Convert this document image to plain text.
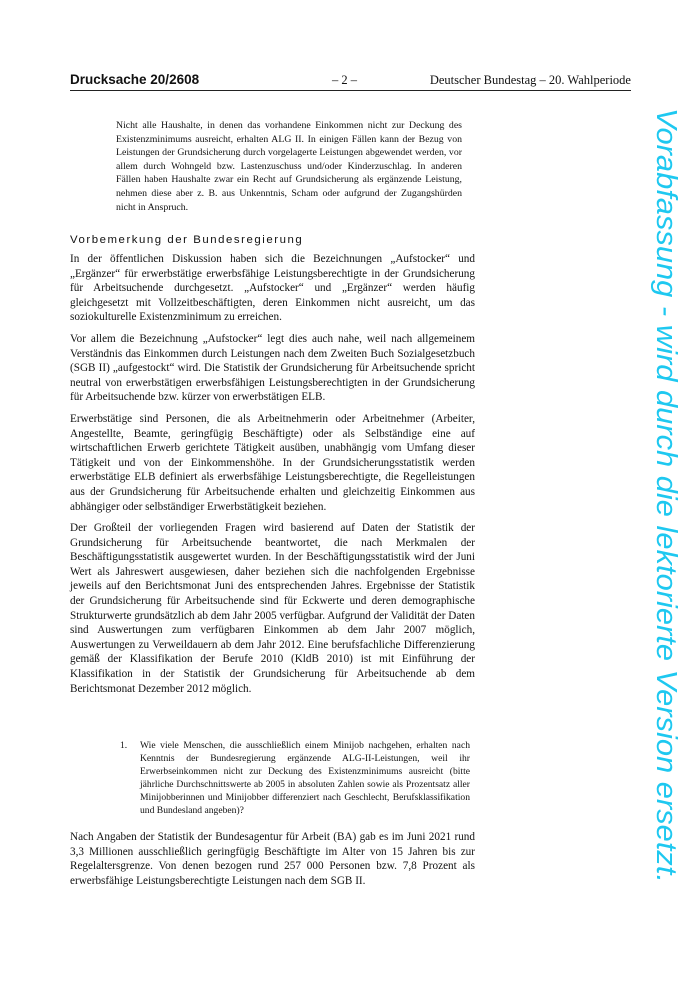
Drucksache 20/2608	– 2 –	Deutscher Bundestag – 20. Wahlperiode
Nicht alle Haushalte, in denen das vorhandene Einkommen nicht zur Deckung des Existenzminimums ausreicht, erhalten ALG II. In einigen Fällen kann der Bezug von Leistungen der Grundsicherung durch vorgelagerte Leistungen abgewendet werden, vor allem durch Wohngeld bzw. Lastenzuschuss und/oder Kinderzuschlag. In anderen Fällen haben Haushalte zwar ein Recht auf Grundsicherung als ergänzende Leistung, nehmen diese aber z. B. aus Unkenntnis, Scham oder aufgrund der Zugangshürden nicht in Anspruch.
Vorbemerkung der Bundesregierung

In der öffentlichen Diskussion haben sich die Bezeichnungen „Aufstocker“ und „Ergänzer“ für erwerbstätige erwerbsfähige Leistungsberechtigte in der Grundsicherung für Arbeitsuchende durchgesetzt. „Aufstocker“ und „Ergänzer“ werden häufig gleichgesetzt mit Vollzeitbeschäftigten, deren Einkommen nicht ausreicht, um das soziokulturelle Existenzminimum zu erreichen.

Vor allem die Bezeichnung „Aufstocker“ legt dies auch nahe, weil nach allgemeinem Verständnis das Einkommen durch Leistungen nach dem Zweiten Buch Sozialgesetzbuch (SGB II) „aufgestockt“ wird. Die Statistik der Grundsicherung für Arbeitsuchende spricht neutral von erwerbstätigen erwerbsfähigen Leistungsberechtigten in der Grundsicherung für Arbeitsuchende bzw. kürzer von erwerbstätigen ELB.

Erwerbstätige sind Personen, die als Arbeitnehmerin oder Arbeitnehmer (Arbeiter, Angestellte, Beamte, geringfügig Beschäftigte) oder als Selbständige eine auf wirtschaftlichen Erwerb gerichtete Tätigkeit ausüben, unabhängig vom Umfang dieser Tätigkeit und von der Einkommenshöhe. In der Grundsicherungsstatistik werden erwerbstätige ELB definiert als erwerbsfähige Leistungsberechtigte, die Regelleistungen aus der Grundsicherung für Arbeitsuchende erhalten und gleichzeitig Einkommen aus abhängiger oder selbständiger Erwerbstätigkeit beziehen.

Der Großteil der vorliegenden Fragen wird basierend auf Daten der Statistik der Grundsicherung für Arbeitsuchende beantwortet, die nach Merkmalen der Beschäftigungsstatistik ausgewertet wurden. In der Beschäftigungsstatistik wird der Juni Wert als Jahreswert ausgewiesen, daher beziehen sich die nachfolgenden Ergebnisse jeweils auf den Berichtsmonat Juni des entsprechenden Jahres. Ergebnisse der Statistik der Grundsicherung für Arbeitsuchende sind für Eckwerte und deren demographische Strukturwerte grundsätzlich ab dem Jahr 2005 verfügbar. Aufgrund der Validität der Daten sind Auswertungen zum verfügbaren Einkommen ab dem Jahr 2007 möglich, Auswertungen zu Verweildauern ab dem Jahr 2012. Eine berufsfachliche Differenzierung gemäß der Klassifikation der Berufe 2010 (KldB 2010) ist mit Einführung der Klassifikation in der Statistik der Grundsicherung für Arbeitsuchende ab dem Berichtsmonat Dezember 2012 möglich.

1. Wie viele Menschen, die ausschließlich einem Minijob nachgehen, erhalten nach Kenntnis der Bundesregierung ergänzende ALG-II-Leistungen, weil ihr Erwerbseinkommen nicht zur Deckung des Existenzminimums ausreicht (bitte jährliche Durchschnittswerte ab 2005 in absoluten Zahlen sowie als Prozentsatz aller Minijobberinnen und Minijobber differenziert nach Geschlecht, Berufsklassifikation und Bundesland angeben)?
Nach Angaben der Statistik der Bundesagentur für Arbeit (BA) gab es im Juni 2021 rund 3,3 Millionen ausschließlich geringfügig Beschäftigte im Alter von 15 Jahren bis zur Regelaltersgrenze. Von denen bezogen rund 257 000 Personen bzw. 7,8 Prozent als erwerbsfähige Leistungsberechtigte Leistungen nach dem SGB II.
Vorabfassung - wird durch die lektorierte Version ersetzt.
